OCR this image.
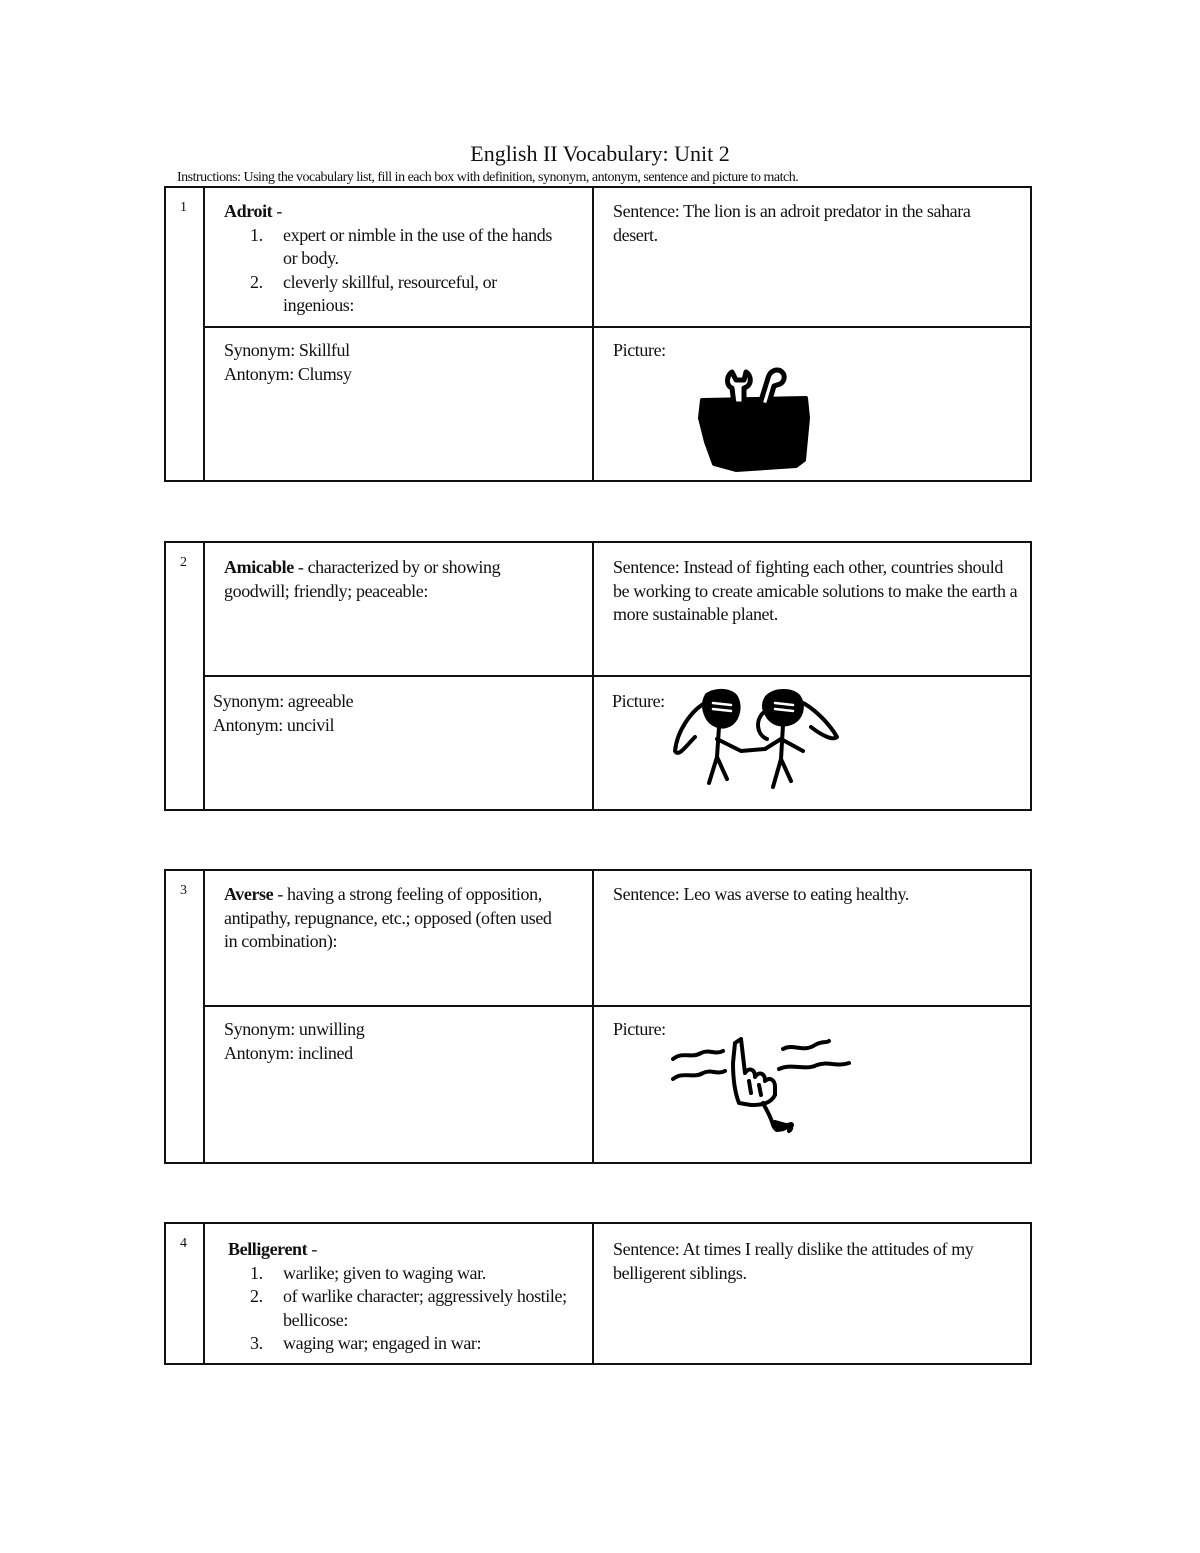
English II Vocabulary: Unit 2
Instructions: Using the vocabulary list, fill in each box with definition, synonym, antonym, sentence and picture to match.
1 Adroit -
1. expert or nimble in the use of the hands or body.
2. cleverly skillful, resourceful, or ingenious:
Sentence: The lion is an adroit predator in the sahara desert.
Synonym: Skillful
Antonym: Clumsy
Picture:
2 Amicable - characterized by or showing goodwill; friendly; peaceable:
Sentence: Instead of fighting each other, countries should be working to create amicable solutions to make the earth a more sustainable planet.
Synonym: agreeable
Antonym: uncivil
Picture:
3 Averse - having a strong feeling of opposition, antipathy, repugnance, etc.; opposed (often used in combination):
Sentence: Leo was averse to eating healthy.
Synonym: unwilling
Antonym: inclined
Picture:
4 Belligerent -
1. warlike; given to waging war.
2. of warlike character; aggressively hostile; bellicose:
3. waging war; engaged in war:
Sentence: At times I really dislike the attitudes of my belligerent siblings.
